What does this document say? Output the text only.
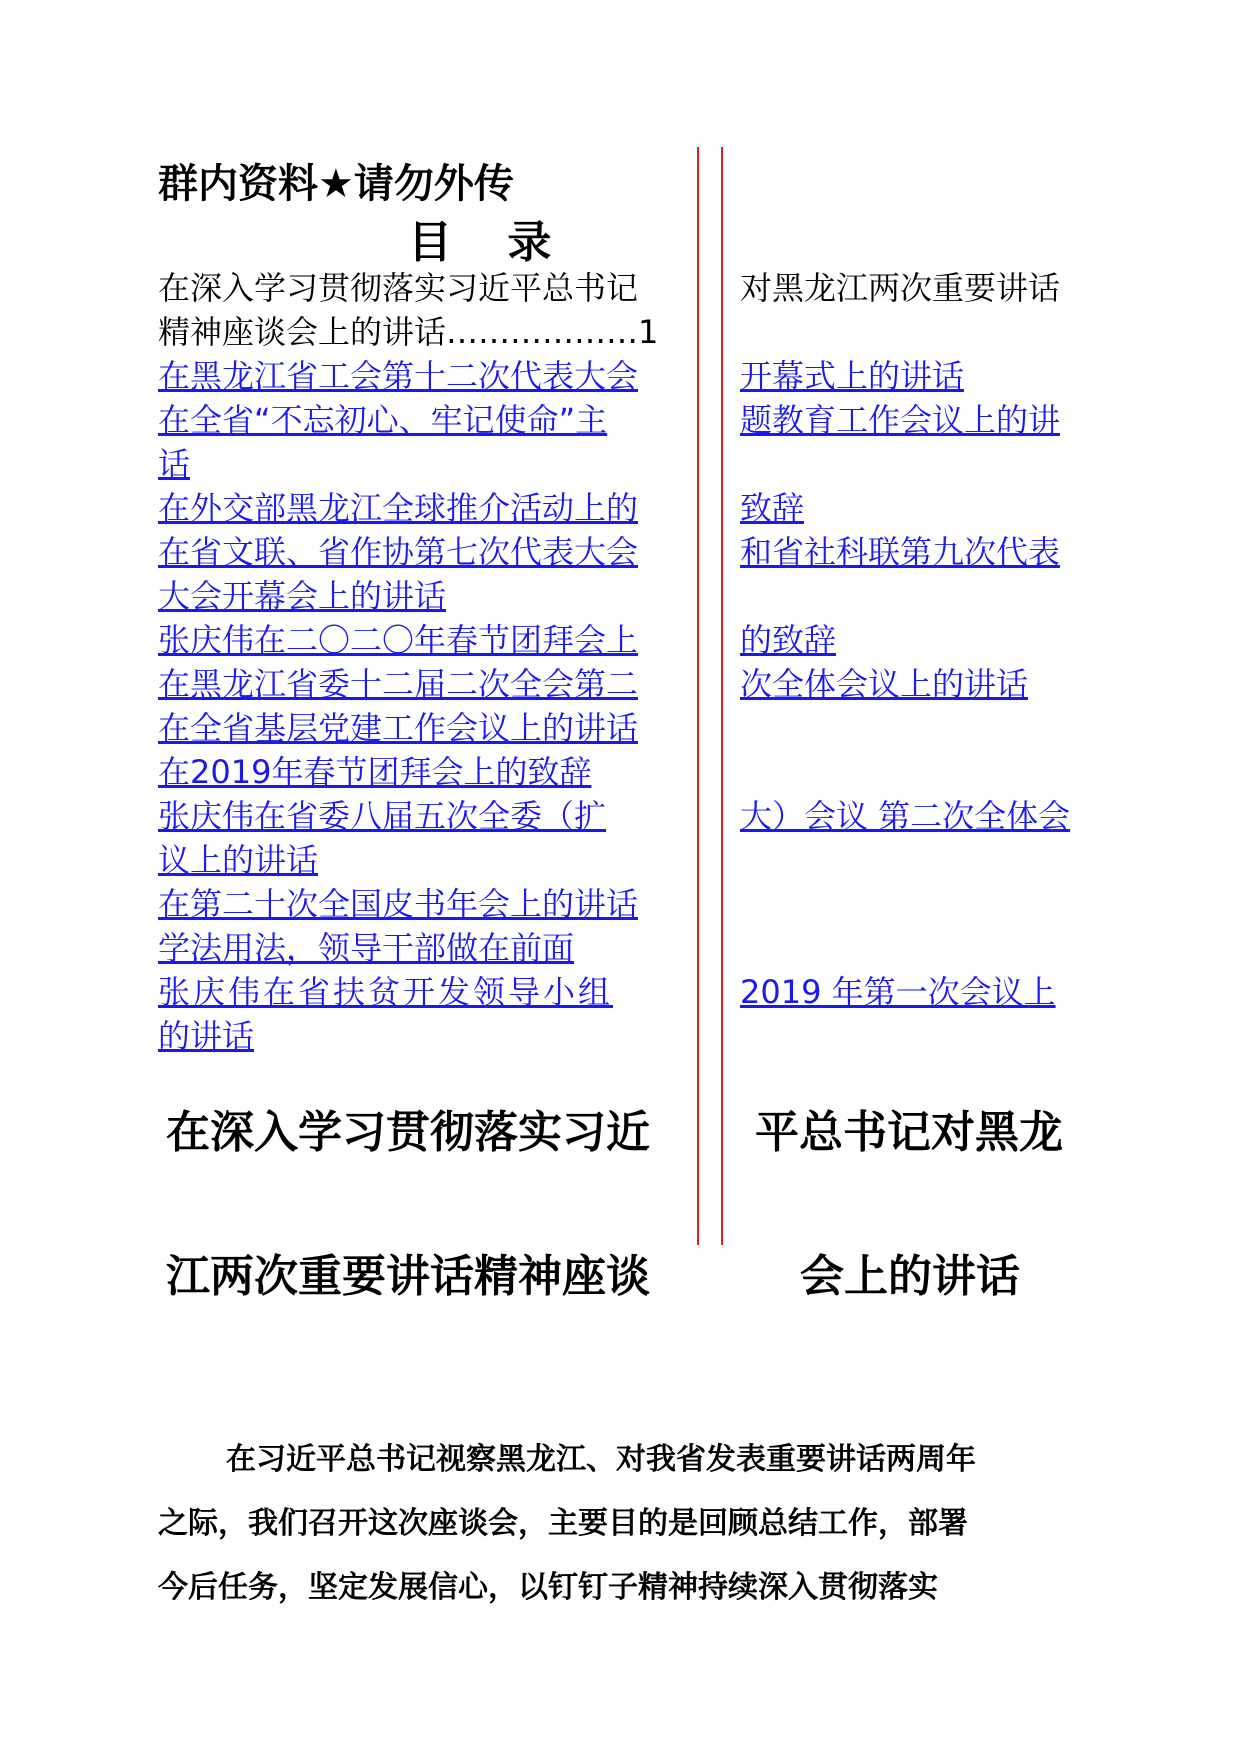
群内资料★请勿外传
目 录
在深入学习贯彻落实习近平总书记	对黑龙江两次重要讲话
精神座谈会上的讲话………………1
在黑龙江省工会第十二次代表大会
在全省“不忘初心、牢记使命”主
话
在外交部黑龙江全球推介活动上的
在省文联、省作协第七次代表大会
大会开幕会上的讲话
张庆伟在二〇二〇年春节团拜会上
在黑龙江省委十二届二次全会第二
在全省基层党建工作会议上的讲话
在2019年春节团拜会上的致辞
张庆伟在省委八届五次全委（扩
议上的讲话
在第二十次全国皮书年会上的讲话
学法用法，领导干部做在前面
张庆伟在省扶贫开发领导小组
的讲话
开幕式上的讲话
题教育工作会议上的讲
致辞
和省社科联第九次代表
的致辞
次全体会议上的讲话
大）会议 第二次全体会
2019 年第一次会议上
在深入学习贯彻落实习近 平总书记对黑龙
江两次重要讲话精神座谈	会上的讲话
在习近平总书记视察黑龙江、对我省发表重要讲话两周年
之际，我们召开这次座谈会，主要目的是回顾总结工作，部署
今后任务，坚定发展信心，以钉钉子精神持续深入贯彻落实
